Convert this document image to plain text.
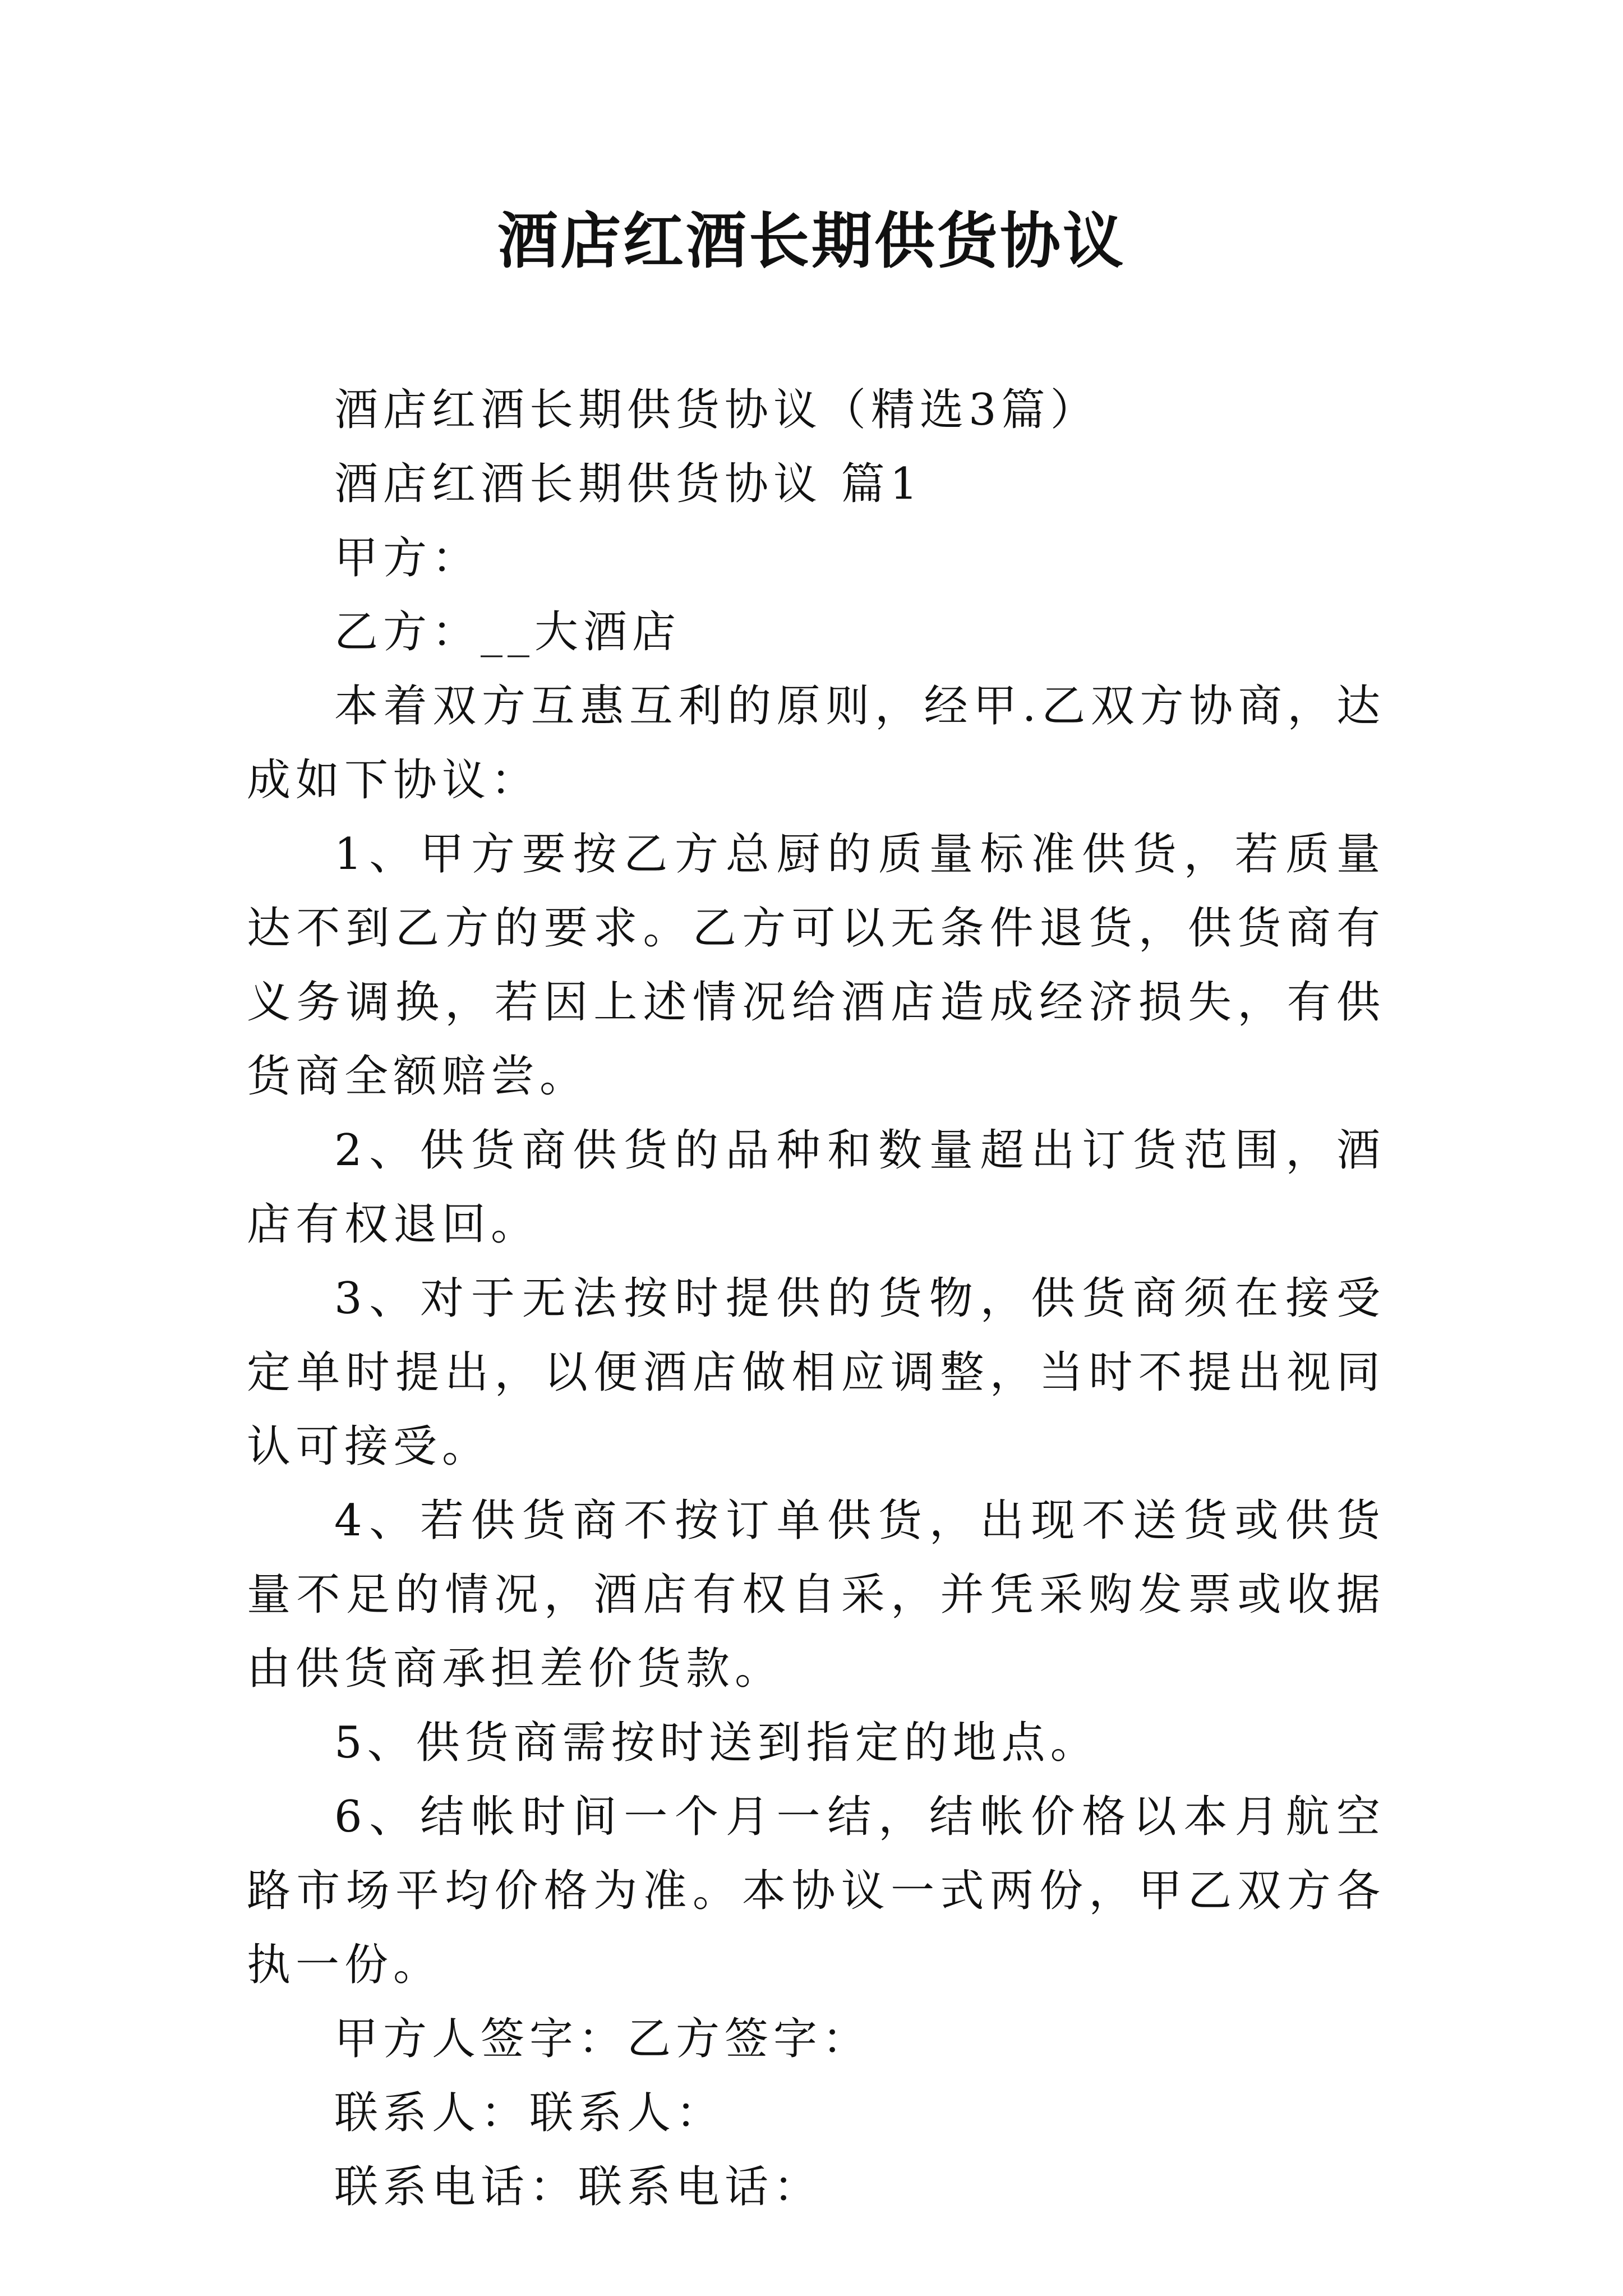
酒店红酒长期供货协议

酒店红酒长期供货协议（精选3篇）

酒店红酒长期供货协议 篇1

甲方：

乙方：__大酒店

本着双方互惠互利的原则，经甲.乙双方协商，达成如下协议：

1、甲方要按乙方总厨的质量标准供货，若质量达不到乙方的要求。乙方可以无条件退货，供货商有义务调换，若因上述情况给酒店造成经济损失，有供货商全额赔尝。

2、供货商供货的品种和数量超出订货范围，酒店有权退回。

3、对于无法按时提供的货物，供货商须在接受定单时提出，以便酒店做相应调整，当时不提出视同认可接受。

4、若供货商不按订单供货，出现不送货或供货量不足的情况，酒店有权自采，并凭采购发票或收据由供货商承担差价货款。

5、供货商需按时送到指定的地点。

6、结帐时间一个月一结，结帐价格以本月航空路市场平均价格为准。本协议一式两份，甲乙双方各执一份。

甲方人签字：乙方签字：

联系人：联系人：

联系电话：联系电话：
